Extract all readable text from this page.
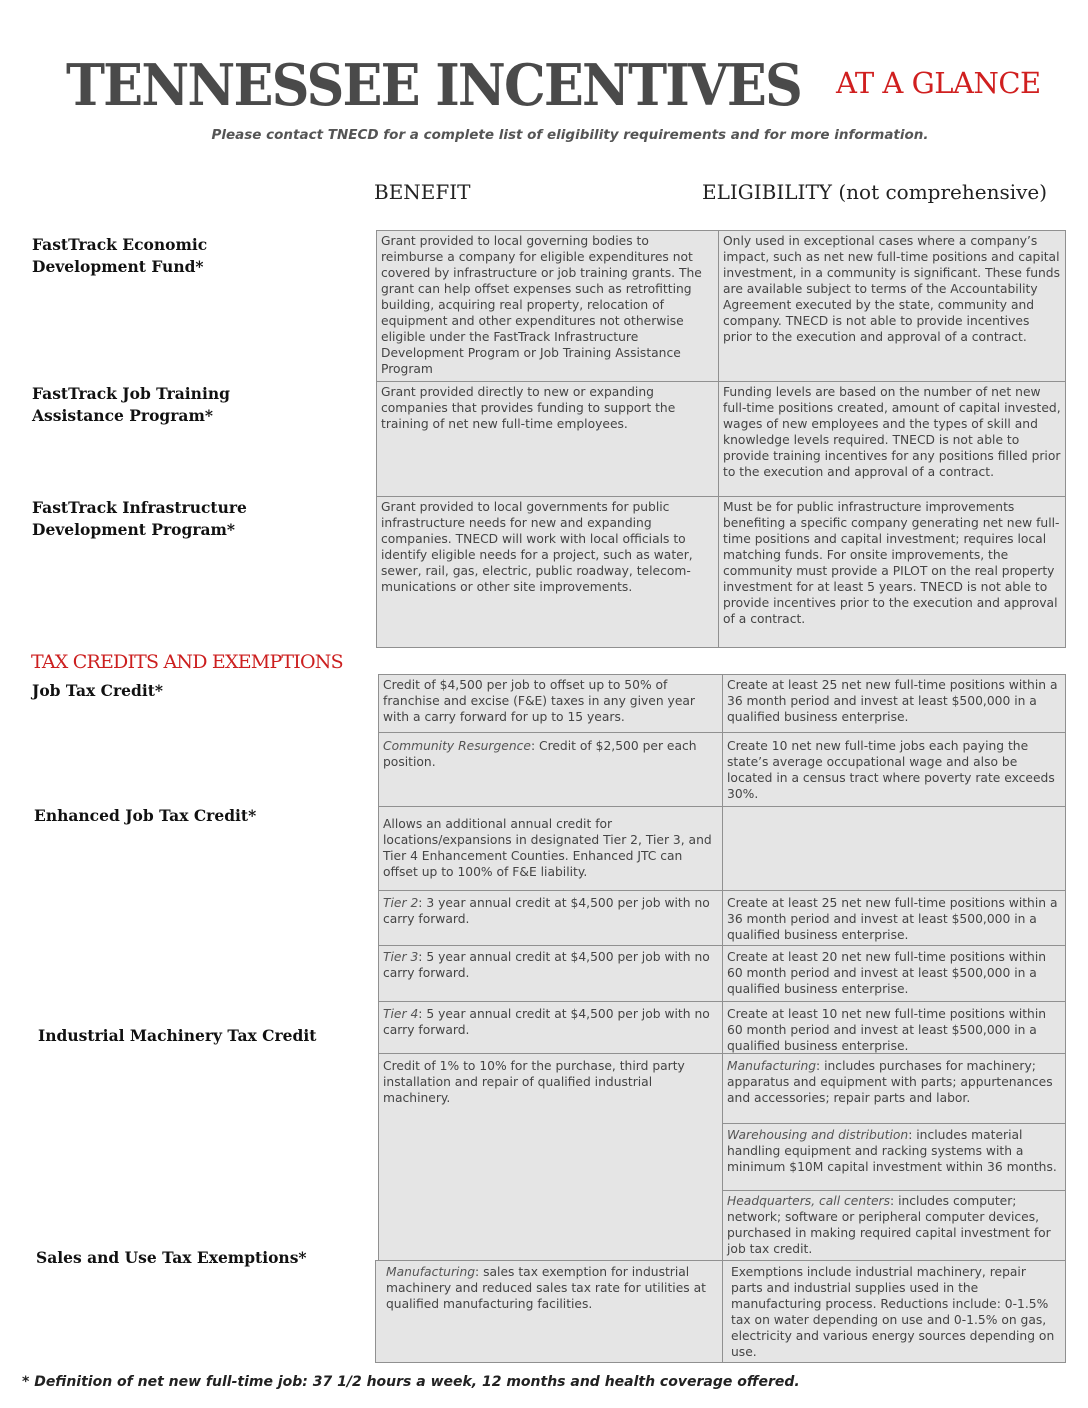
TENNESSEE INCENTIVES AT A GLANCE
Please contact TNECD for a complete list of eligibility requirements and for more information.
BENEFIT	ELIGIBILITY (not comprehensive)
FastTrack Economic
Development Fund*
FastTrack Job Training
Assistance Program*
FastTrack Infrastructure
Development Program*
TAX CREDITS AND EXEMPTIONS
Job Tax Credit*
Enhanced Job Tax Credit*
Industrial Machinery Tax Credit
Sales and Use Tax Exemptions*
Grant provided to local governing bodies to reimburse a company for eligible expenditures not covered by infrastructure or job training grants. The grant can help offset expenses such as retrofitting building, acquiring real property, relocation of equipment and other expenditures not otherwise eligible under the FastTrack Infrastructure Development Program or Job Training Assistance Program
Only used in exceptional cases where a company’s impact, such as net new full-time positions and capital investment, in a community is significant. These funds are available subject to terms of the Accountability Agreement executed by the state, community and company. TNECD is not able to provide incentives prior to the execution and approval of a contract.
Grant provided directly to new or expanding companies that provides funding to support the training of net new full-time employees.
Funding levels are based on the number of net new full-time positions created, amount of capital invested, wages of new employees and the types of skill and knowledge levels required. TNECD is not able to provide training incentives for any positions filled prior to the execution and approval of a contract.
Grant provided to local governments for public infrastructure needs for new and expanding companies. TNECD will work with local officials to identify eligible needs for a project, such as water, sewer, rail, gas, electric, public roadway, telecom-munications or other site improvements.
Must be for public infrastructure improvements benefiting a specific company generating net new full-time positions and capital investment; requires local matching funds. For onsite improvements, the community must provide a PILOT on the real property investment for at least 5 years. TNECD is not able to provide incentives prior to the execution and approval of a contract.
Credit of $4,500 per job to offset up to 50% of franchise and excise (F&E) taxes in any given year with a carry forward for up to 15 years.
Create at least 25 net new full-time positions within a 36 month period and invest at least $500,000 in a qualified business enterprise.
Community Resurgence: Credit of $2,500 per each position.
Create 10 net new full-time jobs each paying the state’s average occupational wage and also be located in a census tract where poverty rate exceeds 30%.
Allows an additional annual credit for locations/expansions in designated Tier 2, Tier 3, and Tier 4 Enhancement Counties. Enhanced JTC can offset up to 100% of F&E liability.
Tier 2: 3 year annual credit at $4,500 per job with no carry forward.
Create at least 25 net new full-time positions within a 36 month period and invest at least $500,000 in a qualified business enterprise.
Tier 3: 5 year annual credit at $4,500 per job with no carry forward.
Create at least 20 net new full-time positions within 60 month period and invest at least $500,000 in a qualified business enterprise.
Tier 4: 5 year annual credit at $4,500 per job with no carry forward.
Create at least 10 net new full-time positions within 60 month period and invest at least $500,000 in a qualified business enterprise.
Credit of 1% to 10% for the purchase, third party installation and repair of qualified industrial machinery.
Manufacturing: includes purchases for machinery; apparatus and equipment with parts; appurtenances and accessories; repair parts and labor.
Warehousing and distribution: includes material handling equipment and racking systems with a minimum $10M capital investment within 36 months.
Headquarters, call centers: includes computer; network; software or peripheral computer devices, purchased in making required capital investment for job tax credit.
Manufacturing: sales tax exemption for industrial machinery and reduced sales tax rate for utilities at qualified manufacturing facilities.
Exemptions include industrial machinery, repair parts and industrial supplies used in the manufacturing process. Reductions include: 0-1.5% tax on water depending on use and 0-1.5% on gas, electricity and various energy sources depending on use.
* Definition of net new full-time job: 37 1/2 hours a week, 12 months and health coverage offered.
